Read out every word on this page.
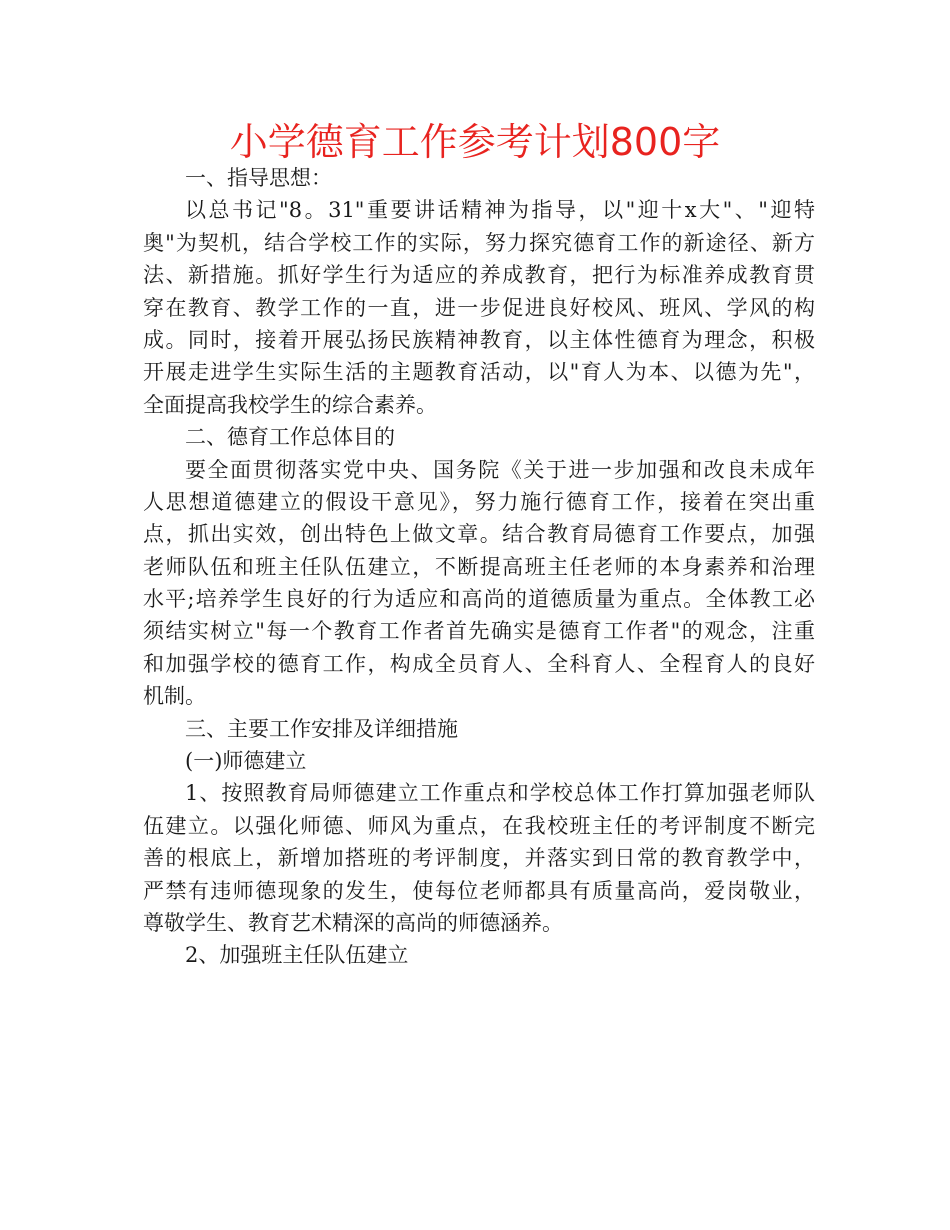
小学德育工作参考计划800字
一、指导思想：
以总书记"8。31"重要讲话精神为指导，以"迎十x大"、"迎特
奥"为契机，结合学校工作的实际，努力探究德育工作的新途径、新方
法、新措施。抓好学生行为适应的养成教育，把行为标准养成教育贯
穿在教育、教学工作的一直，进一步促进良好校风、班风、学风的构
成。同时，接着开展弘扬民族精神教育，以主体性德育为理念，积极
开展走进学生实际生活的主题教育活动，以"育人为本、以德为先"，
全面提高我校学生的综合素养。
二、德育工作总体目的
要全面贯彻落实党中央、国务院《关于进一步加强和改良未成年
人思想道德建立的假设干意见》，努力施行德育工作，接着在突出重
点，抓出实效，创出特色上做文章。结合教育局德育工作要点，加强
老师队伍和班主任队伍建立，不断提高班主任老师的本身素养和治理
水平;培养学生良好的行为适应和高尚的道德质量为重点。全体教工必
须结实树立"每一个教育工作者首先确实是德育工作者"的观念，注重
和加强学校的德育工作，构成全员育人、全科育人、全程育人的良好
机制。
三、主要工作安排及详细措施
(一)师德建立
1、按照教育局师德建立工作重点和学校总体工作打算加强老师队
伍建立。以强化师德、师风为重点，在我校班主任的考评制度不断完
善的根底上，新增加搭班的考评制度，并落实到日常的教育教学中，
严禁有违师德现象的发生，使每位老师都具有质量高尚，爱岗敬业，
尊敬学生、教育艺术精深的高尚的师德涵养。
2、加强班主任队伍建立
